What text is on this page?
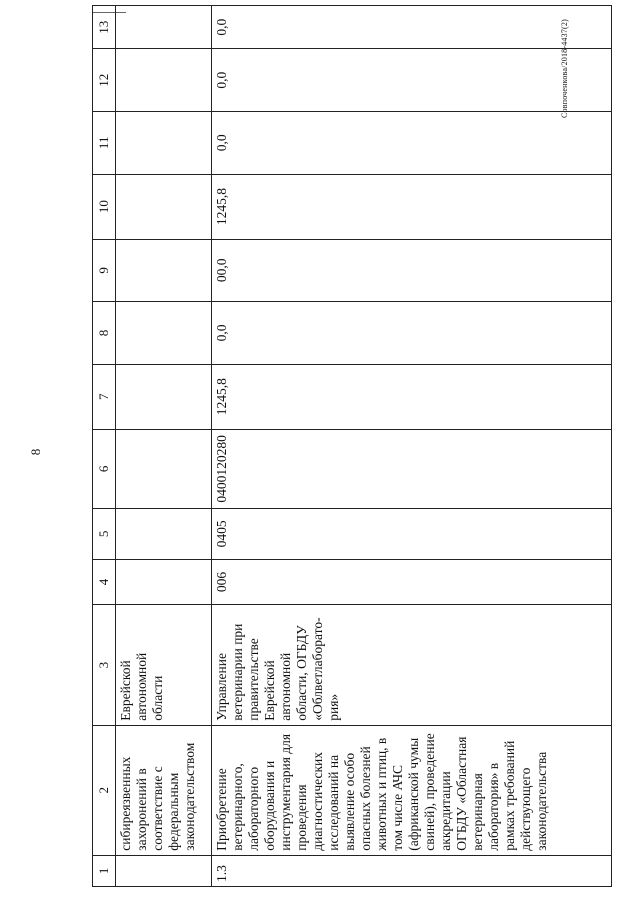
8
Совпоченкова/2018-4437(2)
1	2	3	4	5	6	7	8	9	10	11	12	13
	сибиреязвенных захоронений в соответствие с федеральным законодательством	Еврейской автономной области										
1.3	Приобретение ветеринарного, лабораторного оборудования и инструментария для проведения диагностических исследований на выявление особо опасных болезней животных и птиц, в том числе АЧС (африканской чумы свиней), проведение аккредитации ОГБДУ «Областная ветеринарная лаборатория» в рамках требований действующего законодательства	Управление ветеринарии при правительстве Еврейской автономной области, ОГБДУ «Облветлаборато-рия»	006	0405	0400120280	1245,8	0,0	00,0	1245,8	0,0	0,0	0,0
